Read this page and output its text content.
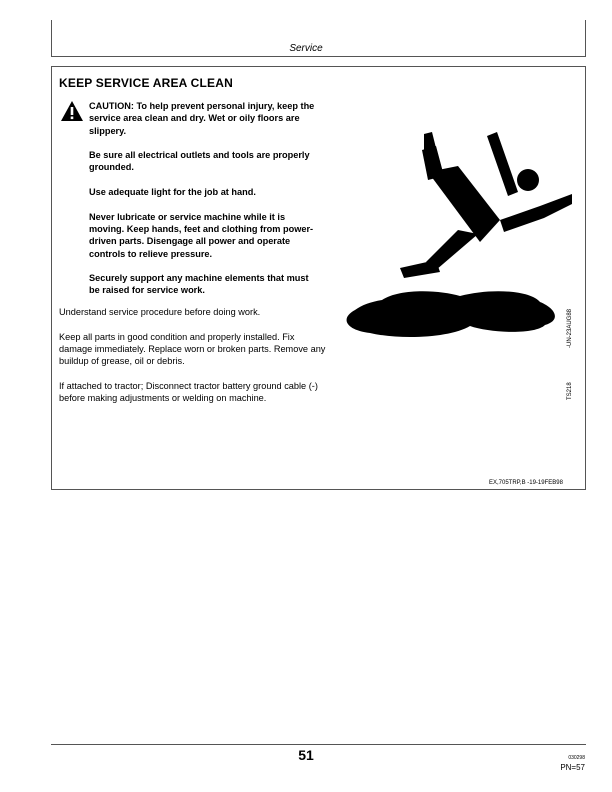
Service
KEEP SERVICE AREA CLEAN

CAUTION: To help prevent personal injury, keep the service area clean and dry. Wet or oily floors are slippery.

Be sure all electrical outlets and tools are properly grounded.

Use adequate light for the job at hand.

Never lubricate or service machine while it is moving. Keep hands, feet and clothing from power-driven parts. Disengage all power and operate controls to relieve pressure.

Securely support any machine elements that must be raised for service work.

Understand service procedure before doing work.

Keep all parts in good condition and properly installed. Fix damage immediately. Replace worn or broken parts. Remove any buildup of grease, oil or debris.

If attached to tractor; Disconnect tractor battery ground cable (-) before making adjustments or welding on machine.

-UN-23AUG88
TS218
EX,705TRP,B -19-19FEB98
51	030298
PN=57
